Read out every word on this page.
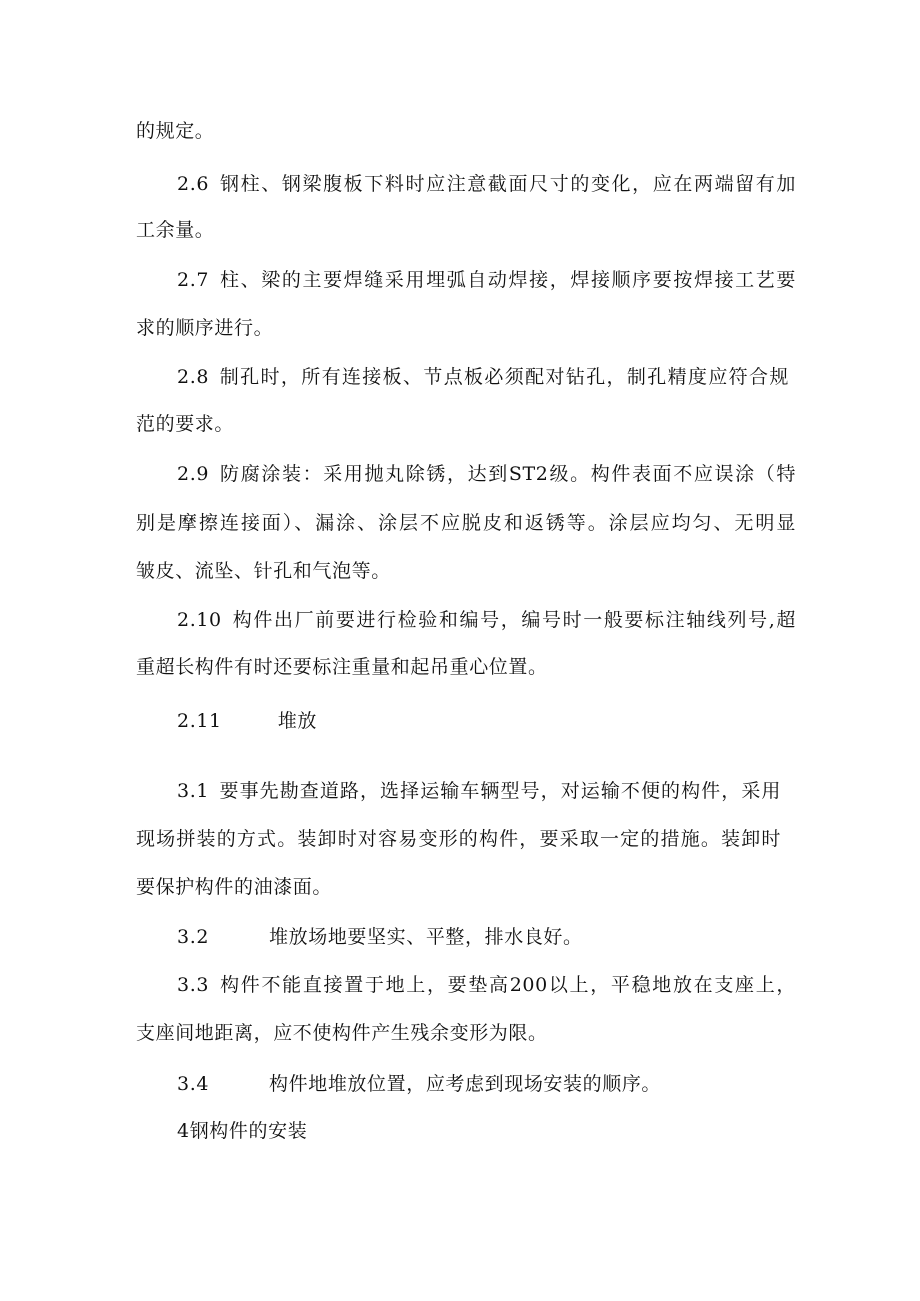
的规定。
2.6 钢柱、钢梁腹板下料时应注意截面尺寸的变化，应在两端留有加
工余量。
2.7 柱、梁的主要焊缝采用埋弧自动焊接，焊接顺序要按焊接工艺要
求的顺序进行。
2.8 制孔时，所有连接板、节点板必须配对钻孔，制孔精度应符合规
范的要求。
2.9 防腐涂装：采用抛丸除锈，达到ST2级。构件表面不应误涂（特
别是摩擦连接面）、漏涂、涂层不应脱皮和返锈等。涂层应均匀、无明显
皱皮、流坠、针孔和气泡等。
2.10 构件出厂前要进行检验和编号，编号时一般要标注轴线列号,超
重超长构件有时还要标注重量和起吊重心位置。
2.11	堆放
3.1 要事先勘查道路，选择运输车辆型号，对运输不便的构件，采用
现场拼装的方式。装卸时对容易变形的构件，要采取一定的措施。装卸时
要保护构件的油漆面。
3.2	堆放场地要坚实、平整，排水良好。
3.3 构件不能直接置于地上，要垫高200以上，平稳地放在支座上，
支座间地距离，应不使构件产生残余变形为限。
3.4	构件地堆放位置，应考虑到现场安装的顺序。
4钢构件的安装
